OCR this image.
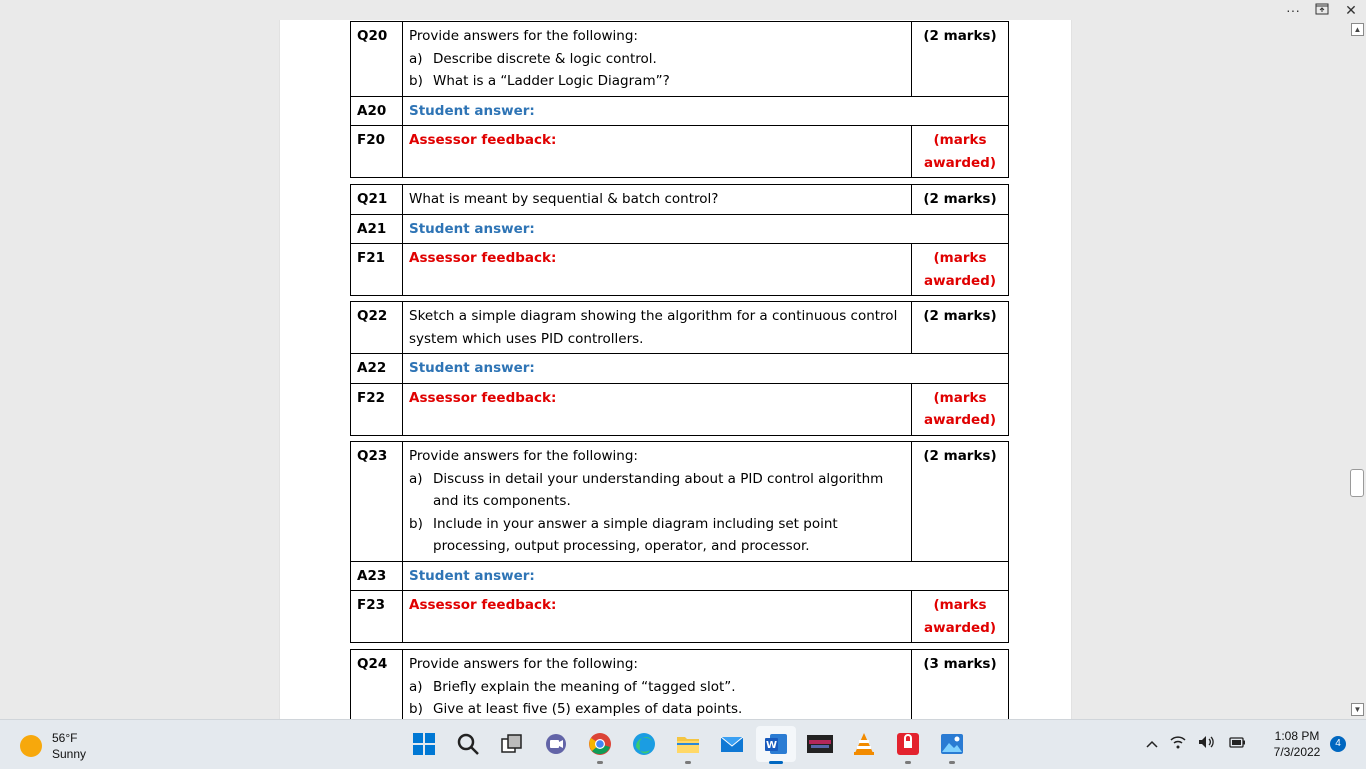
···	✕
Q20	Provide answers for the following:
a) Describe discrete & logic control.
b) What is a “Ladder Logic Diagram”?	(2 marks)
A20	Student answer:	
F20	Assessor feedback:	(marks
awarded)
Q21	What is meant by sequential & batch control?	(2 marks)
A21	Student answer:	
F21	Assessor feedback:	(marks
awarded)
Q22	Sketch a simple diagram showing the algorithm for a continuous control system which uses PID controllers.	(2 marks)
A22	Student answer:	
F22	Assessor feedback:	(marks
awarded)
Q23	Provide answers for the following:
a) Discuss in detail your understanding about a PID control algorithm and its components.
b) Include in your answer a simple diagram including set point processing, output processing, operator, and processor.	(2 marks)
A23	Student answer:	
F23	Assessor feedback:	(marks
awarded)
Q24	Provide answers for the following:
a) Briefly explain the meaning of “tagged slot”.
b) Give at least five (5) examples of data points.
	(3 marks)
▲
▼
56°F
Sunny
W
1:08 PM
7/3/2022
4
